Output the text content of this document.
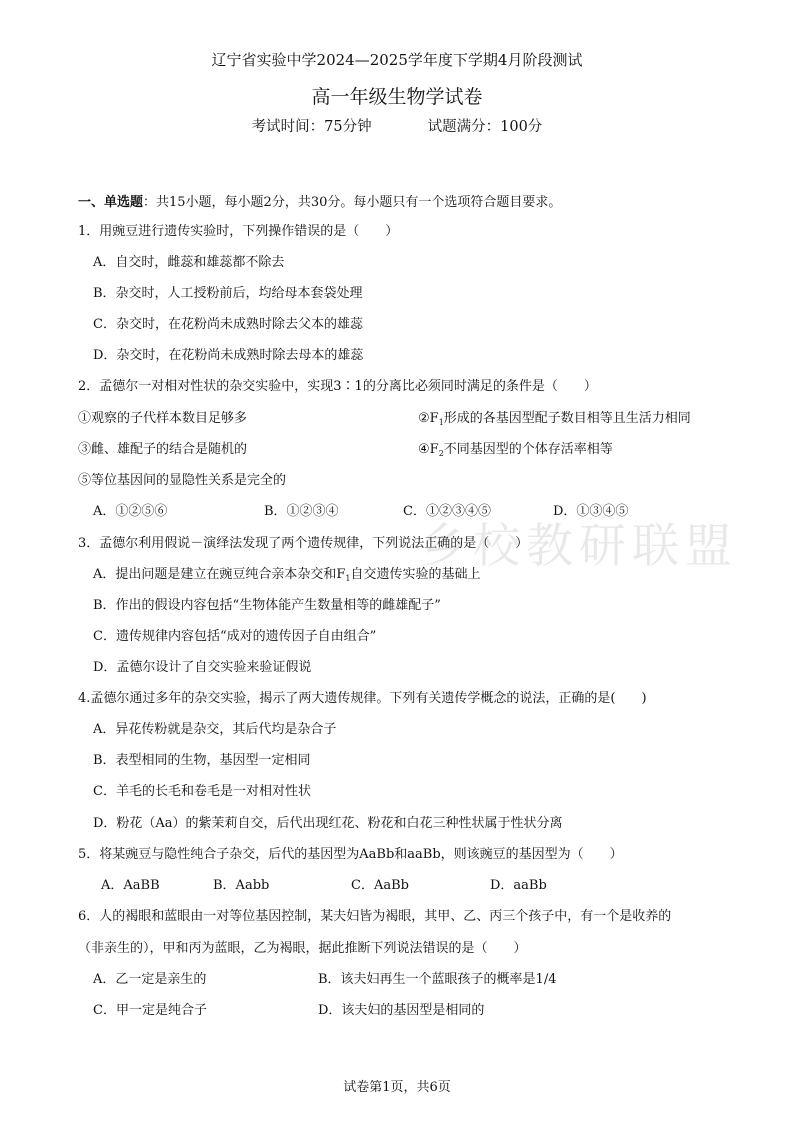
辽宁省实验中学2024—2025学年度下学期4月阶段测试
高一年级生物学试卷
考试时间：75分钟	试题满分：100分
一、单选题：共15小题，每小题2分，共30分。每小题只有一个选项符合题目要求。
1．用豌豆进行遗传实验时，下列操作错误的是（　　）
A．自交时，雌蕊和雄蕊都不除去
B．杂交时，人工授粉前后，均给母本套袋处理
C．杂交时，在花粉尚未成熟时除去父本的雄蕊
D．杂交时，在花粉尚未成熟时除去母本的雄蕊
2．孟德尔一对相对性状的杂交实验中，实现3∶1的分离比必须同时满足的条件是（　　）
①观察的子代样本数目足够多	$②F_1$形成的各基因型配子数目相等且生活力相同
③雌、雄配子的结合是随机的	$④F_2$不同基因型的个体存活率相等
⑤等位基因间的显隐性关系是完全的
A．①②⑤⑥	B．①②③④	C．①②③④⑤	D．①③④⑤
乡校教研联盟
3．孟德尔利用假说－演绎法发现了两个遗传规律，下列说法正确的是（　　）
A．提出问题是建立在豌豆纯合亲本杂交和$F_1$自交遗传实验的基础上
B．作出的假设内容包括“生物体能产生数量相等的雌雄配子”
C．遗传规律内容包括“成对的遗传因子自由组合”
D．孟德尔设计了自交实验来验证假说
4.孟德尔通过多年的杂交实验，揭示了两大遗传规律。下列有关遗传学概念的说法，正确的是(　　)
A．异花传粉就是杂交，其后代均是杂合子
B．表型相同的生物，基因型一定相同
C．羊毛的长毛和卷毛是一对相对性状
D．粉花（Aa）的紫茉莉自交，后代出现红花、粉花和白花三种性状属于性状分离
5．将某豌豆与隐性纯合子杂交，后代的基因型为AaBb和aaBb，则该豌豆的基因型为（　　）
A．AaBB	B．Aabb	C．AaBb	D．aaBb
6．人的褐眼和蓝眼由一对等位基因控制，某夫妇皆为褐眼，其甲、乙、丙三个孩子中，有一个是收养的
（非亲生的），甲和丙为蓝眼，乙为褐眼，据此推断下列说法错误的是（　　）
A．乙一定是亲生的	B．该夫妇再生一个蓝眼孩子的概率是1/4
C．甲一定是纯合子	D．该夫妇的基因型是相同的
试卷第1页，共6页
